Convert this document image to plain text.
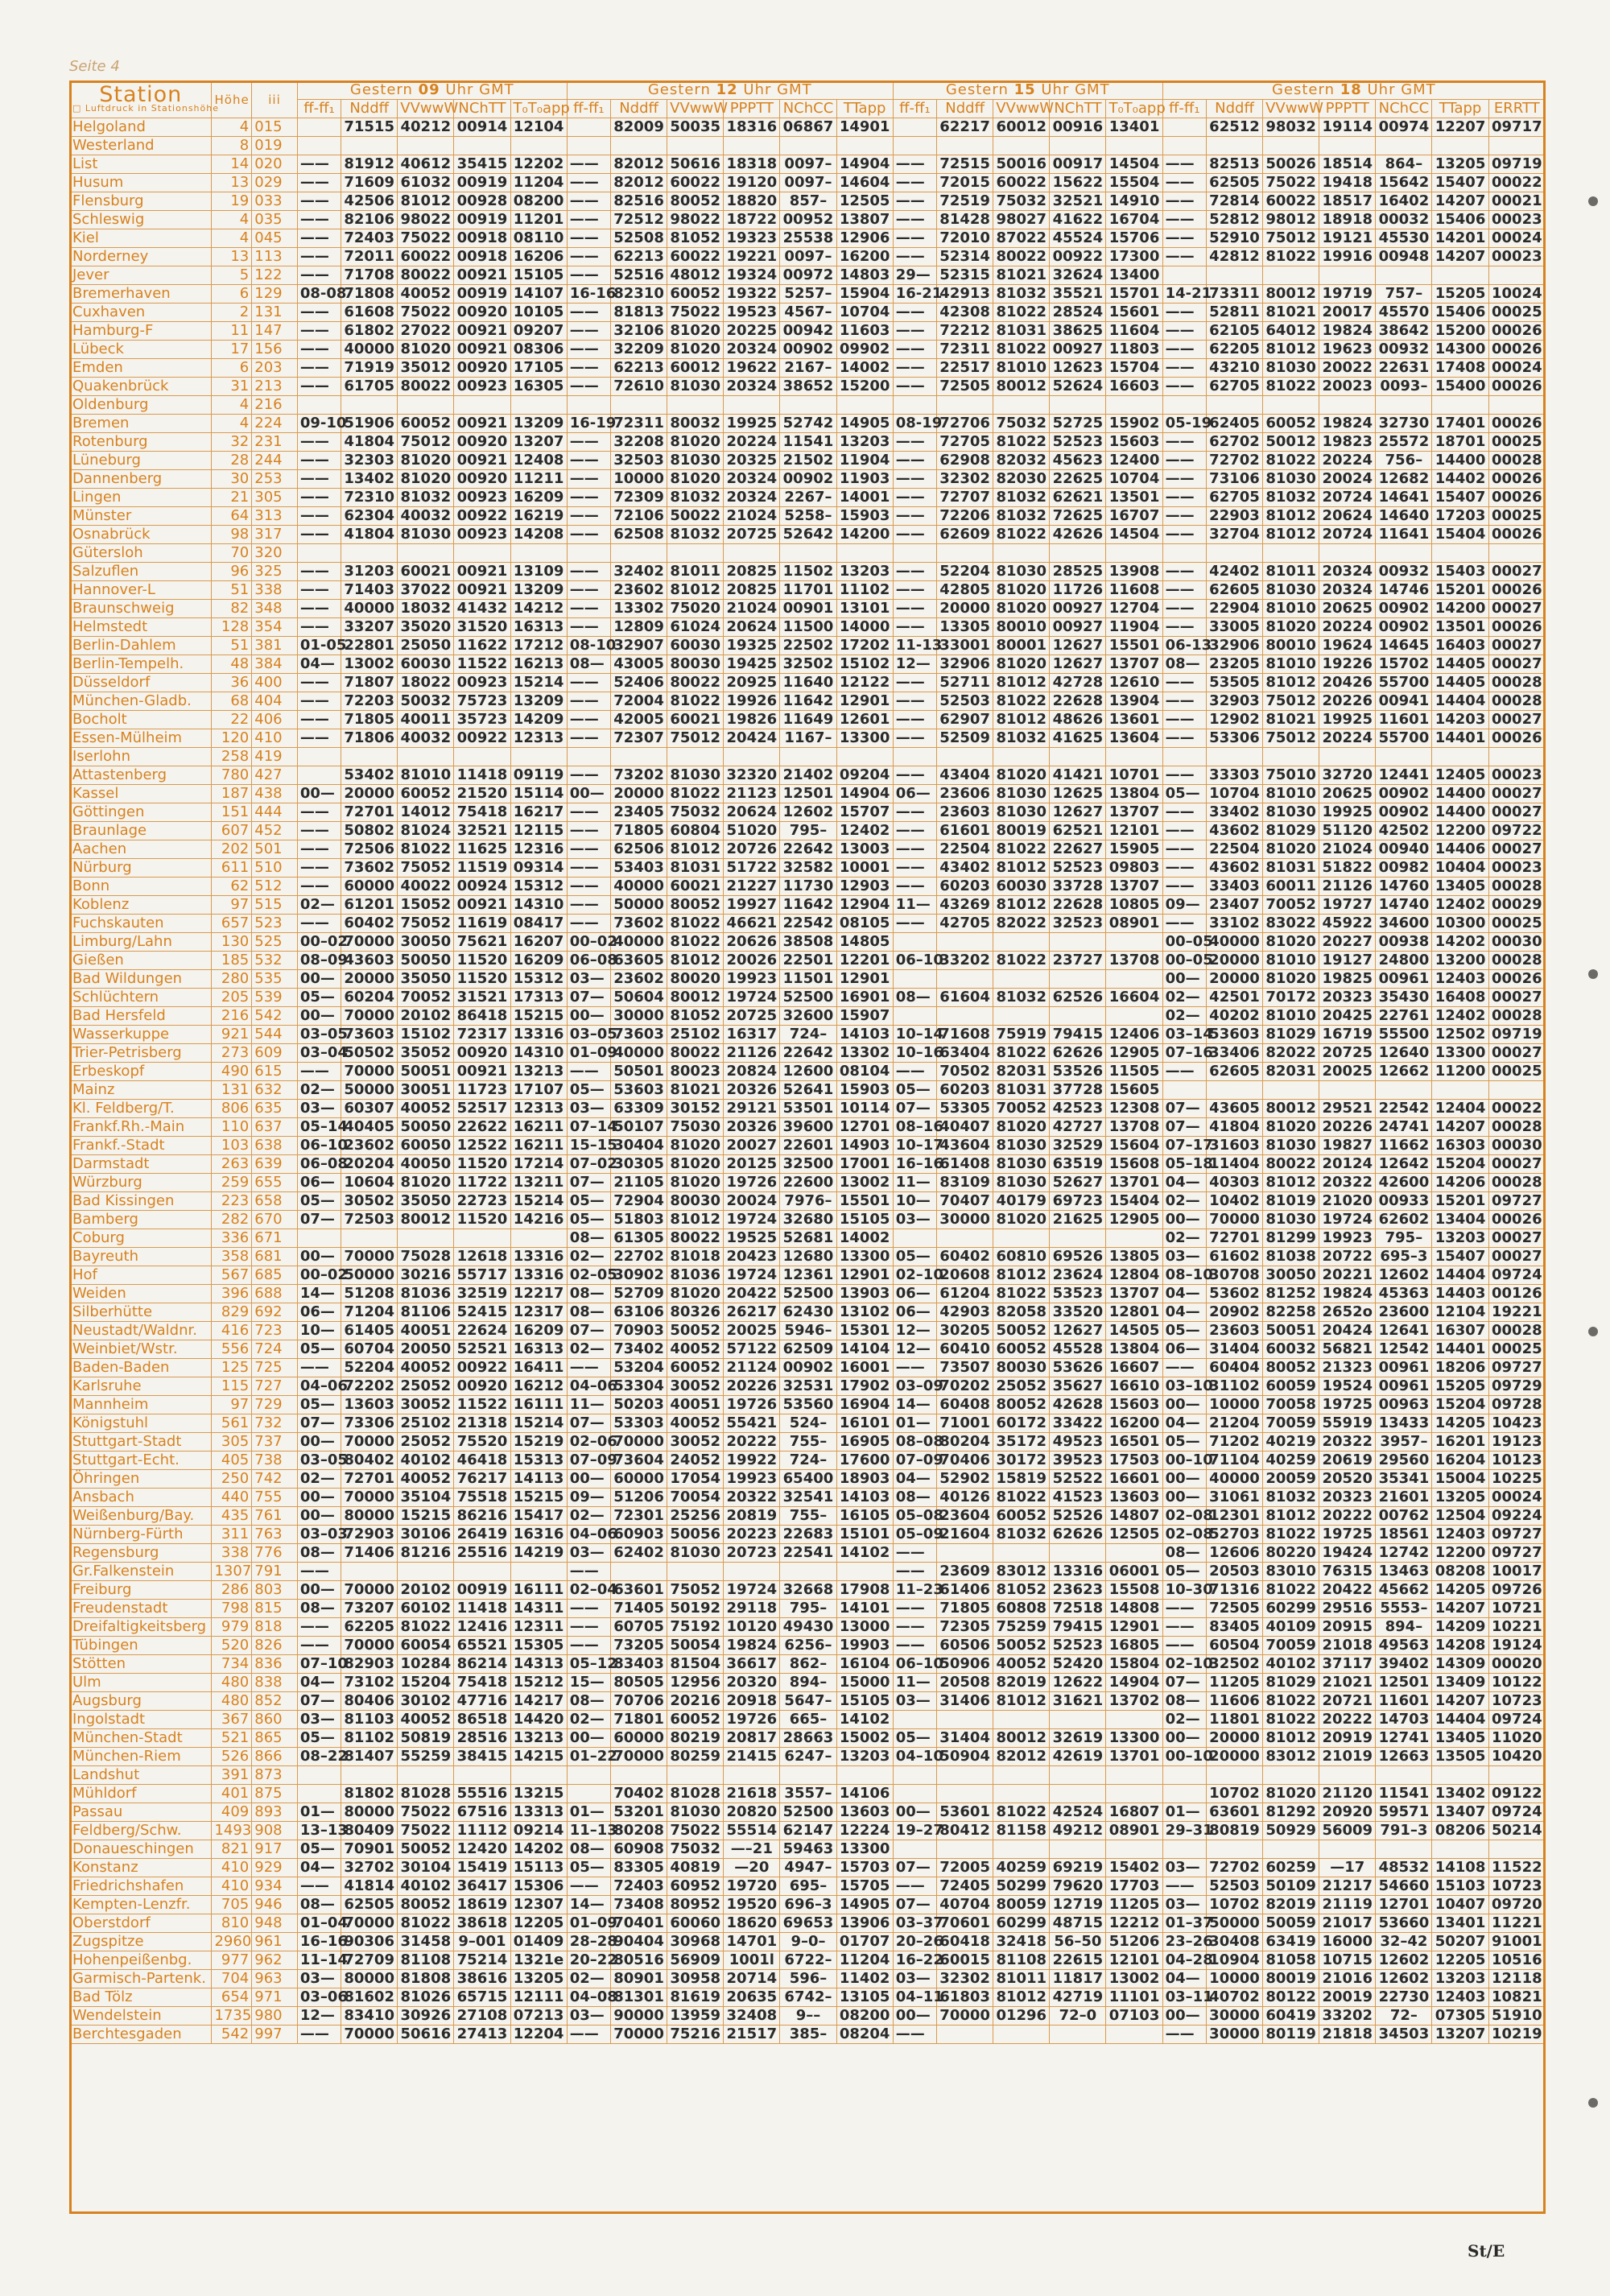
Seite 4
Station
□ Luftdruck in Stationshöhe	Höhe	iii	Gestern 09 Uhr GMT					Gestern 12 Uhr GMT						Gestern 15 Uhr GMT					Gestern 18 Uhr GMT						
			ff-ff₁	Nddff	VVwwW	NChTT	T₀T₀app	ff-ff₁	Nddff	VVwwW	PPPTT	NChCC	TTapp	ff-ff₁	Nddff	VVwwW	NChTT	T₀T₀app	ff-ff₁	Nddff	VVwwW	PPPTT	NChCC	TTapp	ERRTT
Helgoland	4	015		71515	40212	00914	12104		82009	50035	18316	06867	14901		62217	60012	00916	13401		62512	98032	19114	00974	12207	09717
Westerland	8	019																							
List	14	020	——	81912	40612	35415	12202	——	82012	50616	18318	0097–	14904	——	72515	50016	00917	14504	——	82513	50026	18514	864–	13205	09719
Husum	13	029	——	71609	61032	00919	11204	——	82012	60022	19120	0097–	14604	——	72015	60022	15622	15504	——	62505	75022	19418	15642	15407	00022
Flensburg	19	033	——	42506	81012	00928	08200	——	82516	80052	18820	857–	12505	——	72519	75032	32521	14910	——	72814	60022	18517	16402	14207	00021
Schleswig	4	035	——	82106	98022	00919	11201	——	72512	98022	18722	00952	13807	——	81428	98027	41622	16704	——	52812	98012	18918	00032	15406	00023
Kiel	4	045	——	72403	75022	00918	08110	——	52508	81052	19323	25538	12906	——	72010	87022	45524	15706	——	52910	75012	19121	45530	14201	00024
Norderney	13	113	——	72011	60022	00918	16206	——	62213	60022	19221	0097–	16200	——	52314	80022	00922	17300	——	42812	81022	19916	00948	14207	00023
Jever	5	122	——	71708	80022	00921	15105	——	52516	48012	19324	00972	14803	29—	52315	81021	32624	13400							
Bremerhaven	6	129	08-08	71808	40052	00919	14107	16-16	82310	60052	19322	5257–	15904	16-21	42913	81032	35521	15701	14-21	73311	80012	19719	757–	15205	10024
Cuxhaven	2	131	——	61608	75022	00920	10105	——	81813	75022	19523	4567–	10704	——	42308	81022	28524	15601	——	52811	81021	20017	45570	15406	00025
Hamburg-F	11	147	——	61802	27022	00921	09207	——	32106	81020	20225	00942	11603	——	72212	81031	38625	11604	——	62105	64012	19824	38642	15200	00026
Lübeck	17	156	——	40000	81020	00921	08306	——	32209	81020	20324	00902	09902	——	72311	81022	00927	11803	——	62205	81012	19623	00932	14300	00026
Emden	6	203	——	71919	35012	00920	17105	——	62213	60012	19622	2167–	14002	——	22517	81010	12623	15704	——	43210	81030	20022	22631	17408	00024
Quakenbrück	31	213	——	61705	80022	00923	16305	——	72610	81030	20324	38652	15200	——	72505	80012	52624	16603	——	62705	81022	20023	0093–	15400	00026
Oldenburg	4	216																							
Bremen	4	224	09-10	51906	60052	00921	13209	16-19	72311	80032	19925	52742	14905	08-19	72706	75032	52725	15902	05-19	62405	60052	19824	32730	17401	00026
Rotenburg	32	231	——	41804	75012	00920	13207	——	32208	81020	20224	11541	13203	——	72705	81022	52523	15603	——	62702	50012	19823	25572	18701	00025
Lüneburg	28	244	——	32303	81020	00921	12408	——	32503	81030	20325	21502	11904	——	62908	82032	45623	12400	——	72702	81022	20224	756–	14400	00028
Dannenberg	30	253	——	13402	81020	00920	11211	——	10000	81020	20324	00902	11903	——	32302	82030	22625	10704	——	73106	81030	20024	12682	14402	00026
Lingen	21	305	——	72310	81032	00923	16209	——	72309	81032	20324	2267–	14001	——	72707	81032	62621	13501	——	62705	81032	20724	14641	15407	00026
Münster	64	313	——	62304	40032	00922	16219	——	72106	50022	21024	5258–	15903	——	72206	81032	72625	16707	——	22903	81012	20624	14640	17203	00025
Osnabrück	98	317	——	41804	81030	00923	14208	——	62508	81032	20725	52642	14200	——	62609	81022	42626	14504	——	32704	81012	20724	11641	15404	00026
Gütersloh	70	320																							
Salzuflen	96	325	——	31203	60021	00921	13109	——	32402	81011	20825	11502	13203	——	52204	81030	28525	13908	——	42402	81011	20324	00932	15403	00027
Hannover-L	51	338	——	71403	37022	00921	13209	——	23602	81012	20825	11701	11102	——	42805	81020	11726	11608	——	62605	81030	20324	14746	15201	00026
Braunschweig	82	348	——	40000	18032	41432	14212	——	13302	75020	21024	00901	13101	——	20000	81020	00927	12704	——	22904	81010	20625	00902	14200	00027
Helmstedt	128	354	——	33207	35020	31520	16313	——	12809	61024	20624	11500	14000	——	13305	80010	00927	11904	——	33005	81020	20224	00902	13501	00026
Berlin-Dahlem	51	381	01-05	22801	25050	11622	17212	08-10	32907	60030	19325	22502	17202	11-13	33001	80001	12627	15501	06-13	32906	80010	19624	14645	16403	00027
Berlin-Tempelh.	48	384	04—	13002	60030	11522	16213	08—	43005	80030	19425	32502	15102	12—	32906	81020	12627	13707	08—	23205	81010	19226	15702	14405	00027
Düsseldorf	36	400	——	71807	18022	00923	15214	——	52406	80022	20925	11640	12122	——	52711	81012	42728	12610	——	53505	81012	20426	55700	14405	00028
München-Gladb.	68	404	——	72203	50032	75723	13209	——	72004	81022	19926	11642	12901	——	52503	81022	22628	13904	——	32903	75012	20226	00941	14404	00028
Bocholt	22	406	——	71805	40011	35723	14209	——	42005	60021	19826	11649	12601	——	62907	81012	48626	13601	——	12902	81021	19925	11601	14203	00027
Essen-Mülheim	120	410	——	71806	40032	00922	12313	——	72307	75012	20424	1167–	13300	——	52509	81032	41625	13604	——	53306	75012	20224	55700	14401	00026
Iserlohn	258	419																							
Attastenberg	780	427		53402	81010	11418	09119	——	73202	81030	32320	21402	09204	——	43404	81020	41421	10701	——	33303	75010	32720	12441	12405	00023
Kassel	187	438	00—	20000	60052	21520	15114	00—	20000	81022	21123	12501	14904	06—	23606	81030	12625	13804	05—	10704	81010	20625	00902	14400	00027
Göttingen	151	444	——	72701	14012	75418	16217	——	23405	75032	20624	12602	15707	——	23603	81030	12627	13707	——	33402	81030	19925	00902	14400	00027
Braunlage	607	452	——	50802	81024	32521	12115	——	71805	60804	51020	795–	12402	——	61601	80019	62521	12101	——	43602	81029	51120	42502	12200	09722
Aachen	202	501	——	72506	81022	11625	12316	——	62506	81012	20726	22642	13003	——	22504	81022	22627	15905	——	22504	81020	21024	00940	14406	00027
Nürburg	611	510	——	73602	75052	11519	09314	——	53403	81031	51722	32582	10001	——	43402	81012	52523	09803	——	43602	81031	51822	00982	10404	00023
Bonn	62	512	——	60000	40022	00924	15312	——	40000	60021	21227	11730	12903	——	60203	60030	33728	13707	——	33403	60011	21126	14760	13405	00028
Koblenz	97	515	02—	61201	15052	00921	14310	——	50000	80052	19927	11642	12904	11—	43269	81012	22628	10805	09—	23407	70052	19727	14740	12402	00029
Fuchskauten	657	523	——	60402	75052	11619	08417	——	73602	81022	46621	22542	08105	——	42705	82022	32523	08901	——	33102	83022	45922	34600	10300	00025
Limburg/Lahn	130	525	00–02	70000	30050	75621	16207	00–02	40000	81022	20626	38508	14805						00–05	40000	81020	20227	00938	14202	00030
Gießen	185	532	08–09	43603	50050	11520	16209	06–08	63605	81012	20026	22501	12201	06–10	33202	81022	23727	13708	00–05	20000	81010	19127	24800	13200	00028
Bad Wildungen	280	535	00—	20000	35050	11520	15312	03—	23602	80020	19923	11501	12901						00—	20000	81020	19825	00961	12403	00026
Schlüchtern	205	539	05—	60204	70052	31521	17313	07—	50604	80012	19724	52500	16901	08—	61604	81032	62526	16604	02—	42501	70172	20323	35430	16408	00027
Bad Hersfeld	216	542	00—	70000	20102	86418	15215	00—	30000	81052	20725	32600	15907						02—	40202	81010	20425	22761	12402	00028
Wasserkuppe	921	544	03–05	73603	15102	72317	13316	03–05	73603	25102	16317	724–	14103	10–14	71608	75919	79415	12406	03–14	53603	81029	16719	55500	12502	09719
Trier-Petrisberg	273	609	03–04	50502	35052	00920	14310	01–09	40000	80022	21126	22642	13302	10–16	63404	81022	62626	12905	07–16	33406	82022	20725	12640	13300	00027
Erbeskopf	490	615	——	70000	50051	00921	13213	——	50501	80023	20824	12600	08104	——	70502	82031	53526	11505	——	62605	82031	20025	12662	11200	00025
Mainz	131	632	02—	50000	30051	11723	17107	05—	53603	81021	20326	52641	15903	05—	60203	81031	37728	15605							
Kl. Feldberg/T.	806	635	03—	60307	40052	52517	12313	03—	63309	30152	29121	53501	10114	07—	53305	70052	42523	12308	07—	43605	80012	29521	22542	12404	00022
Frankf.Rh.-Main	110	637	05–14	40405	50050	22622	16211	07–14	50107	75030	20326	39600	12701	08–16	40407	81020	42727	13708	07—	41804	81020	20226	24741	14207	00028
Frankf.-Stadt	103	638	06–10	23602	60050	12522	16211	15–15	30404	81020	20027	22601	14903	10–17	43604	81030	32529	15604	07–17	31603	81030	19827	11662	16303	00030
Darmstadt	263	639	06–08	20204	40050	11520	17214	07–02	30305	81020	20125	32500	17001	16–16	61408	81030	63519	15608	05–18	11404	80022	20124	12642	15204	00027
Würzburg	259	655	06—	10604	81020	11722	13211	07—	21105	81020	19726	22600	13002	11—	83109	81030	52627	13701	04—	40303	81012	20322	42600	14206	00028
Bad Kissingen	223	658	05—	30502	35050	22723	15214	05—	72904	80030	20024	7976–	15501	10—	70407	40179	69723	15404	02—	10402	81019	21020	00933	15201	09727
Bamberg	282	670	07—	72503	80012	11520	14216	05—	51803	81012	19724	32680	15105	03—	30000	81020	21625	12905	00—	70000	81030	19724	62602	13404	00026
Coburg	336	671						08—	61305	80022	19525	52681	14002						02—	72701	81299	19923	795–	13203	00027
Bayreuth	358	681	00—	70000	75028	12618	13316	02—	22702	81018	20423	12680	13300	05—	60402	60810	69526	13805	03—	61602	81038	20722	695–3	15407	00027
Hof	567	685	00–02	50000	30216	55717	13316	02–05	30902	81036	19724	12361	12901	02–10	20608	81012	23624	12804	08–10	30708	30050	20221	12602	14404	09724
Weiden	396	688	14—	51208	81036	32519	12217	08—	52709	81020	20422	52500	13903	06—	61204	81022	53523	13707	04—	53602	81252	19824	45363	14403	00126
Silberhütte	829	692	06—	71204	81106	52415	12317	08—	63106	80326	26217	62430	13102	06—	42903	82058	33520	12801	04—	20902	82258	2652o	23600	12104	19221
Neustadt/Waldnr.	416	723	10—	61405	40051	22624	16209	07—	70903	50052	20025	5946–	15301	12—	30205	50052	12627	14505	05—	23603	50051	20424	12641	16307	00028
Weinbiet/Wstr.	556	724	05—	60704	20050	52521	16313	02—	73402	40052	57122	62509	14104	12—	60410	60052	45528	13804	06—	31404	60032	56821	12542	14401	00025
Baden-Baden	125	725	——	52204	40052	00922	16411	——	53204	60052	21124	00902	16001	——	73507	80030	53626	16607	——	60404	80052	21323	00961	18206	09727
Karlsruhe	115	727	04–06	72202	25052	00920	16212	04–06	53304	30052	20226	32531	17902	03–09	70202	25052	35627	16610	03–10	31102	60059	19524	00961	15205	09729
Mannheim	97	729	05—	13603	30052	11522	16111	11—	50203	40051	19726	53560	16904	14—	60408	80052	42628	15603	00—	10000	70058	19725	00963	15204	09728
Königstuhl	561	732	07—	73306	25102	21318	15214	07—	53303	40052	55421	524–	16101	01—	71001	60172	33422	16200	04—	21204	70059	55919	13433	14205	10423
Stuttgart-Stadt	305	737	00—	70000	25052	75520	15219	02–06	70000	30052	20222	755–	16905	08–08	80204	35172	49523	16501	05—	71202	40219	20322	3957–	16201	19123
Stuttgart-Echt.	405	738	03–05	80402	40102	46418	15313	07–09	73604	24052	19922	724–	17600	07–09	70406	30172	39523	17503	00–10	71104	40259	20619	29560	16204	10123
Öhringen	250	742	02—	72701	40052	76217	14113	00—	60000	17054	19923	65400	18903	04—	52902	15819	52522	16601	00—	40000	20059	20520	35341	15004	10225
Ansbach	440	755	00—	70000	35104	75518	15215	09—	51206	70054	20322	32541	14103	08—	40126	81022	41523	13603	00—	31061	81032	20323	21601	13205	00024
Weißenburg/Bay.	435	761	00—	80000	15215	86216	15417	02—	72301	25256	20819	755–	16105	05–08	23604	60052	52526	14807	02–08	12301	81012	20222	00762	12504	09224
Nürnberg-Fürth	311	763	03–03	72903	30106	26419	16316	04–06	60903	50056	20223	22683	15101	05–09	21604	81032	62626	12505	02–08	52703	81022	19725	18561	12403	09727
Regensburg	338	776	08—	71406	81216	25516	14219	03—	62402	81030	20723	22541	14102	——					08—	12606	80220	19424	12742	12200	09727
Gr.Falkenstein	1307	791	——					——						——	23609	83012	13316	06001	05—	20503	83010	76315	13463	08208	10017
Freiburg	286	803	00—	70000	20102	00919	16111	02–04	63601	75052	19724	32668	17908	11–23	61406	81052	23623	15508	10–30	71316	81022	20422	45662	14205	09726
Freudenstadt	798	815	08—	73207	60102	11418	14311	——	71405	50192	29118	795–	14101	——	71805	60808	72518	14808	——	72505	60299	29516	5553–	14207	10721
Dreifaltigkeitsberg	979	818	——	62205	81022	12416	12311	——	60705	75192	10120	49430	13000	——	72305	75259	79415	12901	——	83405	40109	20915	894–	14209	10221
Tübingen	520	826	——	70000	60054	65521	15305	——	73205	50054	19824	6256–	19903	——	60506	50052	52523	16805	——	60504	70059	21018	49563	14208	19124
Stötten	734	836	07–10	82903	10284	86214	14313	05–12	83403	81504	36617	862–	16104	06–10	50906	40052	52420	15804	02–10	32502	40102	37117	39402	14309	00020
Ulm	480	838	04—	73102	15204	75418	15212	15—	80505	12956	20320	894–	15000	11—	20508	82019	12622	14904	07—	11205	81029	21021	12501	13409	10122
Augsburg	480	852	07—	80406	30102	47716	14217	08—	70706	20216	20918	5647–	15105	03—	31406	81012	31621	13702	08—	11606	81022	20721	11601	14207	10723
Ingolstadt	367	860	03—	81103	40052	86518	14420	02—	71801	60052	19726	665–	14102						02—	11801	81022	20222	14703	14404	09724
München-Stadt	521	865	05—	81102	50819	28516	13213	00—	60000	80219	20817	28663	15002	05—	31404	80012	32619	13300	00—	20000	81012	20919	12741	13405	11020
München-Riem	526	866	08–22	81407	55259	38415	14215	01–22	70000	80259	21415	6247–	13203	04–10	50904	82012	42619	13701	00–10	20000	83012	21019	12663	13505	10420
Landshut	391	873																							
Mühldorf	401	875		81802	81028	55516	13215		70402	81028	21618	3557–	14106							10702	81020	21120	11541	13402	09122
Passau	409	893	01—	80000	75022	67516	13313	01—	53201	81030	20820	52500	13603	00—	53601	81022	42524	16807	01—	63601	81292	20920	59571	13407	09724
Feldberg/Schw.	1493	908	13–13	80409	75022	11112	09214	11–13	80208	75022	55514	62147	12224	19–27	80412	81158	49212	08901	29–31	80819	50929	56009	791–3	08206	50214
Donaueschingen	821	917	05—	70901	50052	12420	14202	08—	60908	75032	—–21	59463	13300												
Konstanz	410	929	04—	32702	30104	15419	15113	05—	83305	40819	—20	4947–	15703	07—	72005	40259	69219	15402	03—	72702	60259	—17	48532	14108	11522
Friedrichshafen	410	934	——	41814	40102	36417	15306	——	72403	60952	19720	695–	15705	——	72405	50299	79620	17703	——	52503	50109	21217	54660	15103	10723
Kempten-Lenzfr.	705	946	08—	62505	80052	18619	12307	14—	73408	80952	19520	696–3	14905	07—	40704	80059	12719	11205	03—	10702	82019	21119	12701	10407	09720
Oberstdorf	810	948	01–04	70000	81022	38618	12205	01–09	70401	60060	18620	69653	13906	03–37	70601	60299	48715	12212	01–37	50000	50059	21017	53660	13401	11221
Zugspitze	2960	961	16–16	90306	31458	9–001	01409	28–28	90404	30968	14701	9–0–	01707	20–26	60418	32418	56–50	51206	23–26	30408	63419	16000	32–42	50207	91001
Hohenpeißenbg.	977	962	11–14	72709	81108	75214	1321e	20–22	80516	56909	1001l	6722–	11204	16–22	60015	81108	22615	12101	04–28	10904	81058	10715	12602	12205	10516
Garmisch-Partenk.	704	963	03—	80000	81808	38616	13205	02—	80901	30958	20714	596–	11402	03—	32302	81011	11817	13002	04—	10000	80019	21016	12602	13203	12118
Bad Tölz	654	971	03–06	81602	81026	65715	12111	04–08	81301	81619	20635	6742–	13105	04–11	61803	81012	42719	11101	03–11	40702	80122	20019	22730	12403	10821
Wendelstein	1735	980	12—	83410	30926	27108	07213	03—	90000	13959	32408	9––	08200	00—	70000	01296	72–0	07103	00—	30000	60419	33202	72–	07305	51910
Berchtesgaden	542	997	——	70000	50616	27413	12204	——	70000	75216	21517	385–	08204	——					——	30000	80119	21818	34503	13207	10219
St/E
